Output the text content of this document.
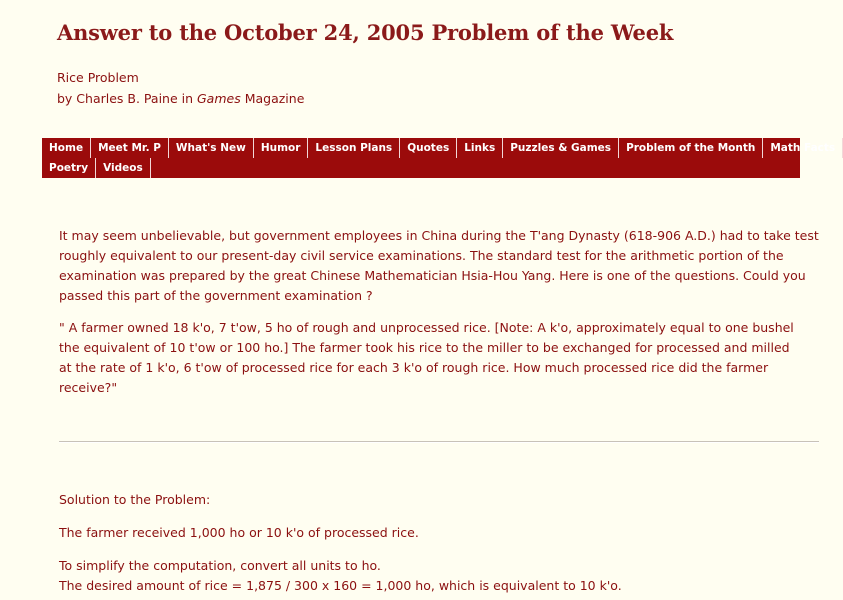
Answer to the October 24, 2005 Problem of the Week
Rice Problem
by Charles B. Paine in Games Magazine
Home	Meet Mr. P	What's New	Humor	Lesson Plans	Quotes	Links	Puzzles & Games	Problem of the Month	Math Facts
Poetry	Videos

It may seem unbelievable, but government employees in China during the T'ang Dynasty (618-906 A.D.) had to take test

roughly equivalent to our present-day civil service examinations. The standard test for the arithmetic portion of the

examination was prepared by the great Chinese Mathematician Hsia-Hou Yang. Here is one of the questions. Could you

passed this part of the government examination ?

" A farmer owned 18 k'o, 7 t'ow, 5 ho of rough and unprocessed rice. [Note: A k'o, approximately equal to one bushel

the equivalent of 10 t'ow or 100 ho.] The farmer took his rice to the miller to be exchanged for processed and milled

at the rate of 1 k'o, 6 t'ow of processed rice for each 3 k'o of rough rice. How much processed rice did the farmer

receive?"

Solution to the Problem:
The farmer received 1,000 ho or 10 k'o of processed rice.
To simplify the computation, convert all units to ho.
The desired amount of rice = 1,875 / 300 x 160 = 1,000 ho, which is equivalent to 10 k'o.
